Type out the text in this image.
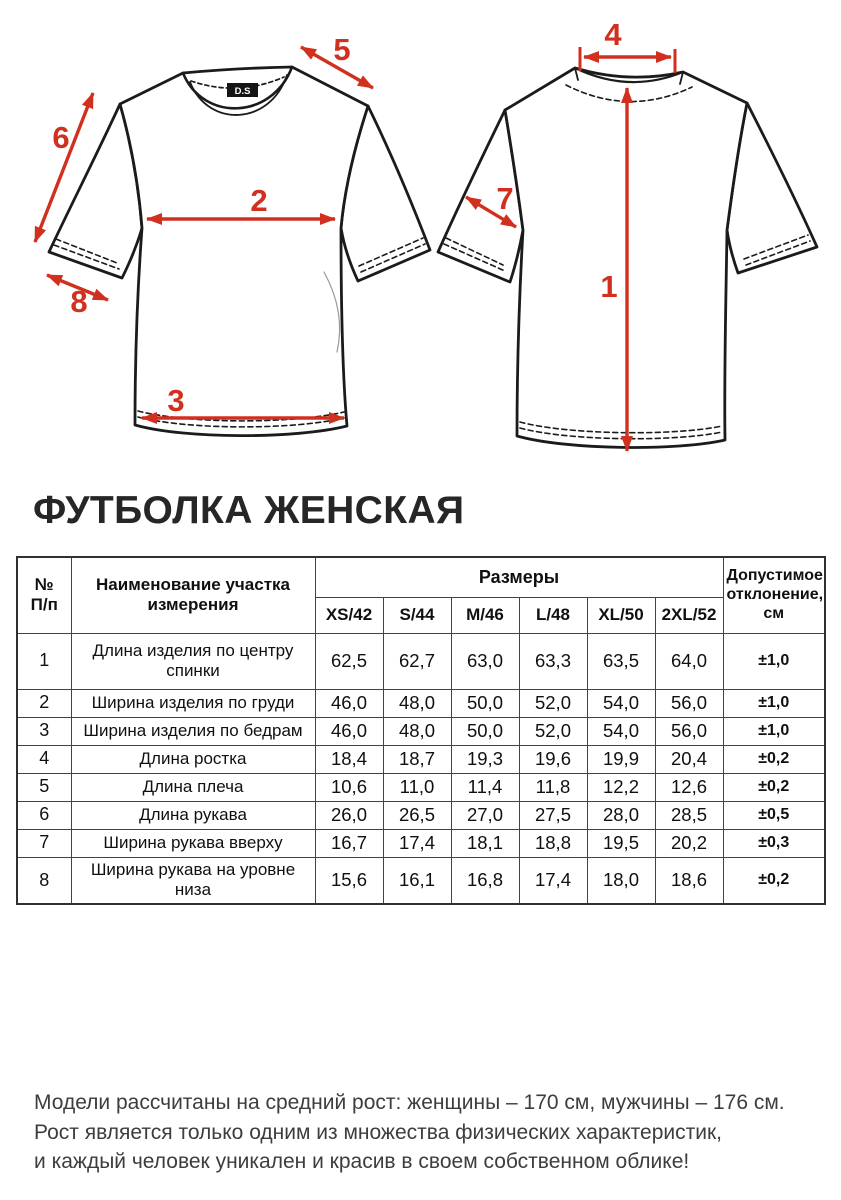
D.S
5
6
2
8
3
4
7
1
ФУТБОЛКА ЖЕНСКАЯ
№
П/п	Наименование участка измерения	Размеры						Допустимое отклонение, см
		XS/42	S/44	M/46	L/48	XL/50	2XL/52	
1	Длина изделия по центру спинки	62,5	62,7	63,0	63,3	63,5	64,0	±1,0
2	Ширина изделия по груди	46,0	48,0	50,0	52,0	54,0	56,0	±1,0
3	Ширина изделия по бедрам	46,0	48,0	50,0	52,0	54,0	56,0	±1,0
4	Длина ростка	18,4	18,7	19,3	19,6	19,9	20,4	±0,2
5	Длина плеча	10,6	11,0	11,4	11,8	12,2	12,6	±0,2
6	Длина рукава	26,0	26,5	27,0	27,5	28,0	28,5	±0,5
7	Ширина рукава вверху	16,7	17,4	18,1	18,8	19,5	20,2	±0,3
8	Ширина рукава на уровне низа	15,6	16,1	16,8	17,4	18,0	18,6	±0,2
Модели рассчитаны на средний рост: женщины – 170 см, мужчины – 176 см.
Рост является только одним из множества физических характеристик,
и каждый человек уникален и красив в своем собственном облике!
